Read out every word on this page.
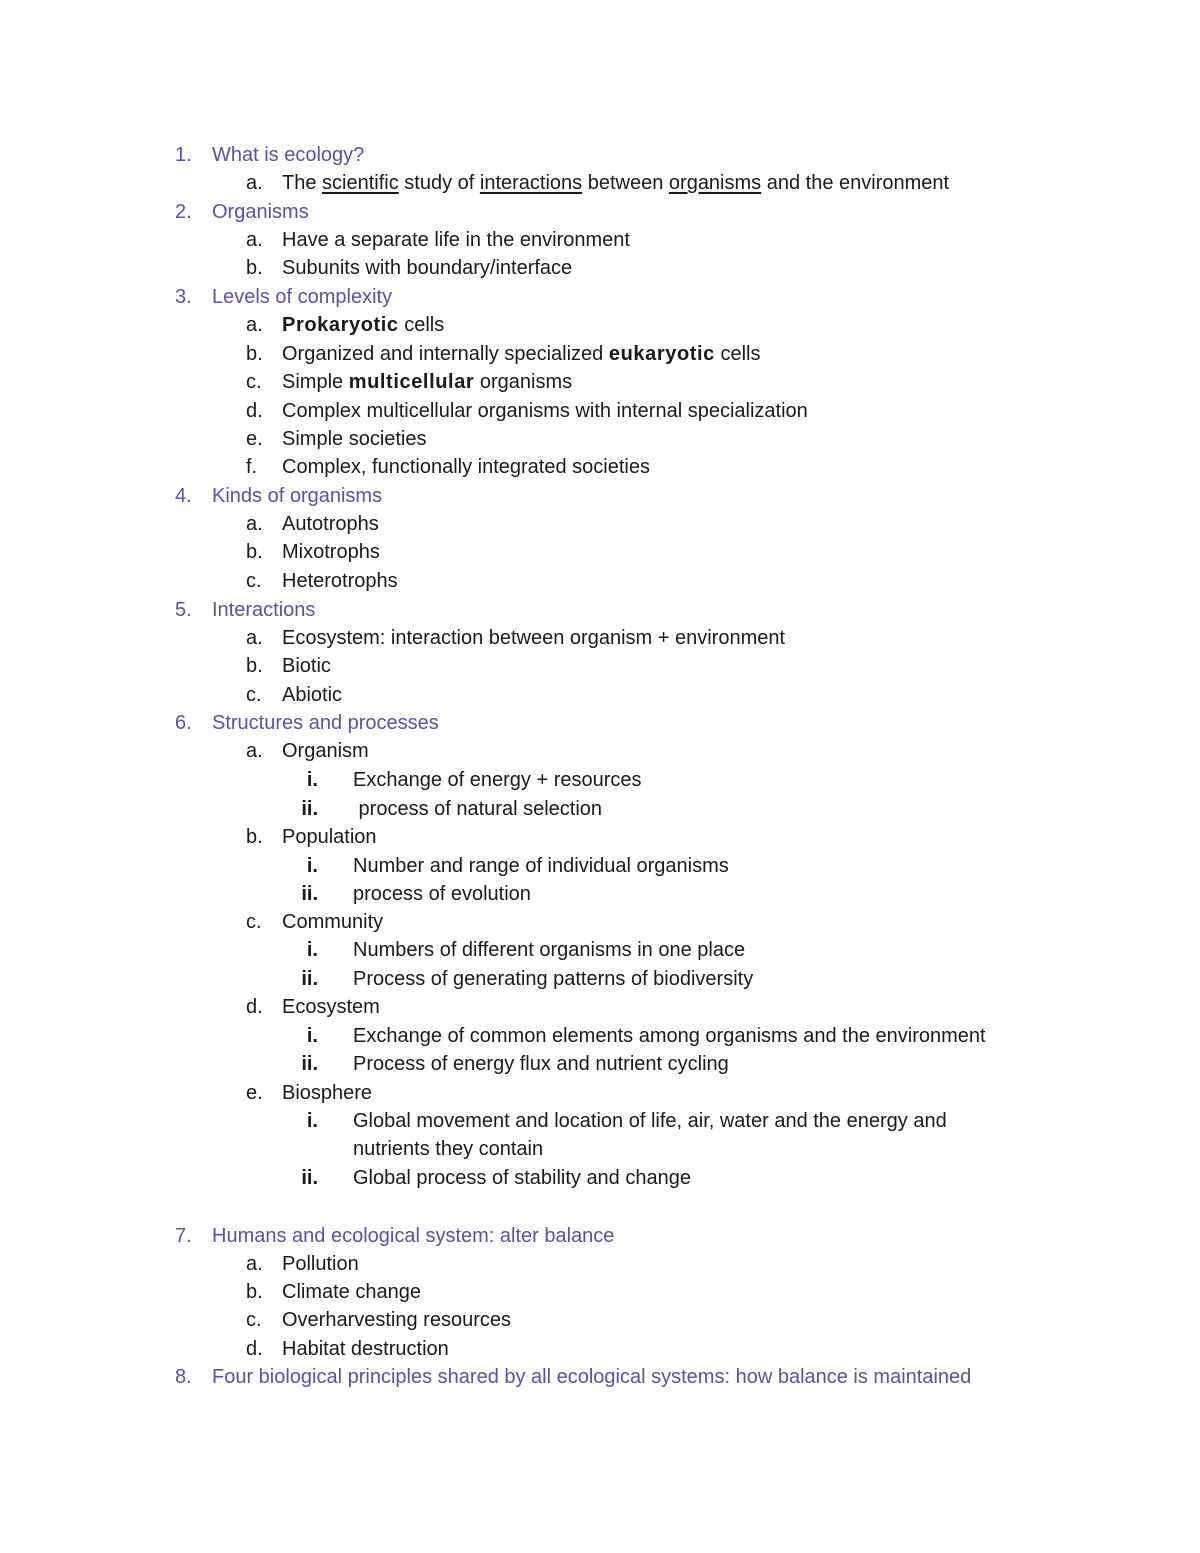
1. What is ecology?
a. The scientific study of interactions between organisms and the environment
2. Organisms
a. Have a separate life in the environment
b. Subunits with boundary/interface
3. Levels of complexity
a. Prokaryotic cells
b. Organized and internally specialized eukaryotic cells
c. Simple multicellular organisms
d. Complex multicellular organisms with internal specialization
e. Simple societies
f. Complex, functionally integrated societies
4. Kinds of organisms
a. Autotrophs
b. Mixotrophs
c. Heterotrophs
5. Interactions
a. Ecosystem: interaction between organism + environment
b. Biotic
c. Abiotic
6. Structures and processes
a. Organism
i. Exchange of energy + resources
ii. process of natural selection
b. Population
i. Number and range of individual organisms
ii. process of evolution
c. Community
i. Numbers of different organisms in one place
ii. Process of generating patterns of biodiversity
d. Ecosystem
i. Exchange of common elements among organisms and the environment
ii. Process of energy flux and nutrient cycling
e. Biosphere
i. Global movement and location of life, air, water and the energy and
nutrients they contain
ii. Global process of stability and change
7. Humans and ecological system: alter balance
a. Pollution
b. Climate change
c. Overharvesting resources
d. Habitat destruction
8. Four biological principles shared by all ecological systems: how balance is maintained
